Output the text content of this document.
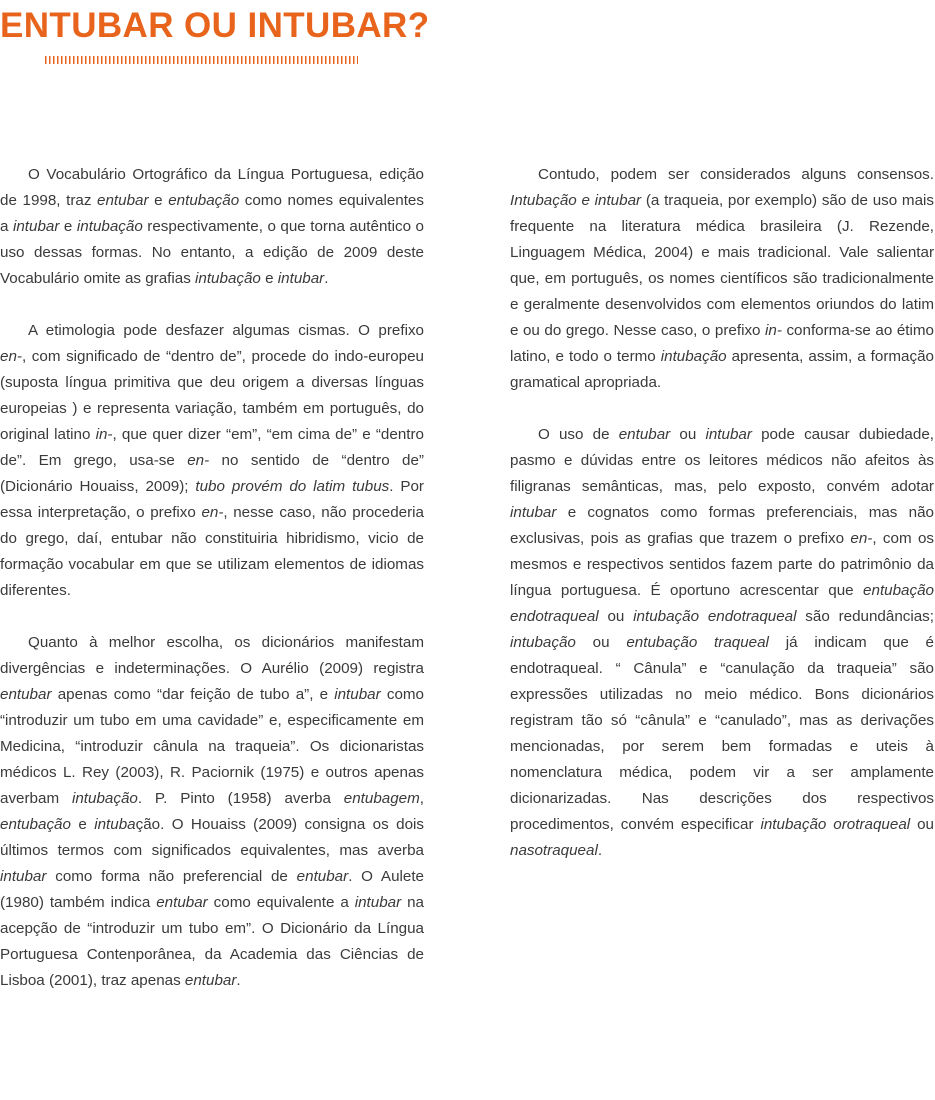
ENTUBAR OU INTUBAR?

O Vocabulário Ortográfico da Língua Portuguesa, edição de 1998, traz entubar e entubação como nomes equivalentes a intubar e intubação respectivamente, o que torna autêntico o uso dessas formas. No entanto, a edição de 2009 deste Vocabulário omite as grafias intubação e intubar.

A etimologia pode desfazer algumas cismas. O prefixo en-, com significado de “dentro de”, procede do indo-europeu (suposta língua primitiva que deu origem a diversas línguas europeias ) e representa variação, também em português, do original latino in-, que quer dizer “em”, “em cima de” e “dentro de”. Em grego, usa-se en- no sentido de “dentro de” (Dicionário Houaiss, 2009); tubo provém do latim tubus. Por essa interpretação, o prefixo en-, nesse caso, não procederia do grego, daí, entubar não constituiria hibridismo, vicio de formação vocabular em que se utilizam elementos de idiomas diferentes.

Quanto à melhor escolha, os dicionários manifestam divergências e indeterminações. O Aurélio (2009) registra entubar apenas como “dar feição de tubo a”, e intubar como “introduzir um tubo em uma cavidade” e, especificamente em Medicina, “introduzir cânula na traqueia”. Os dicionaristas médicos L. Rey (2003), R. Paciornik (1975) e outros apenas averbam intubação. P. Pinto (1958) averba entubagem, entubação e intubação. O Houaiss (2009) consigna os dois últimos termos com significados equivalentes, mas averba intubar como forma não preferencial de entubar. O Aulete (1980) também indica entubar como equivalente a intubar na acepção de “introduzir um tubo em”. O Dicionário da Língua Portuguesa Contenporânea, da Academia das Ciências de Lisboa (2001), traz apenas entubar.

Contudo, podem ser considerados alguns consensos. Intubação e intubar (a traqueia, por exemplo) são de uso mais frequente na literatura médica brasileira (J. Rezende, Linguagem Médica, 2004) e mais tradicional. Vale salientar que, em português, os nomes científicos são tradicionalmente e geralmente desenvolvidos com elementos oriundos do latim e ou do grego. Nesse caso, o prefixo in- conforma-se ao étimo latino, e todo o termo intubação apresenta, assim, a formação gramatical apropriada.

O uso de entubar ou intubar pode causar dubiedade, pasmo e dúvidas entre os leitores médicos não afeitos às filigranas semânticas, mas, pelo exposto, convém adotar intubar e cognatos como formas preferenciais, mas não exclusivas, pois as grafias que trazem o prefixo en-, com os mesmos e respectivos sentidos fazem parte do patrimônio da língua portuguesa. É oportuno acrescentar que entubação endotraqueal ou intubação endotraqueal são redundâncias; intubação ou entubação traqueal já indicam que é endotraqueal. “ Cânula” e “canulação da traqueia” são expressões utilizadas no meio médico. Bons dicionários registram tão só “cânula” e “canulado”, mas as derivações mencionadas, por serem bem formadas e uteis à nomenclatura médica, podem vir a ser amplamente dicionarizadas. Nas descrições dos respectivos procedimentos, convém especificar intubação orotraqueal ou nasotraqueal.
